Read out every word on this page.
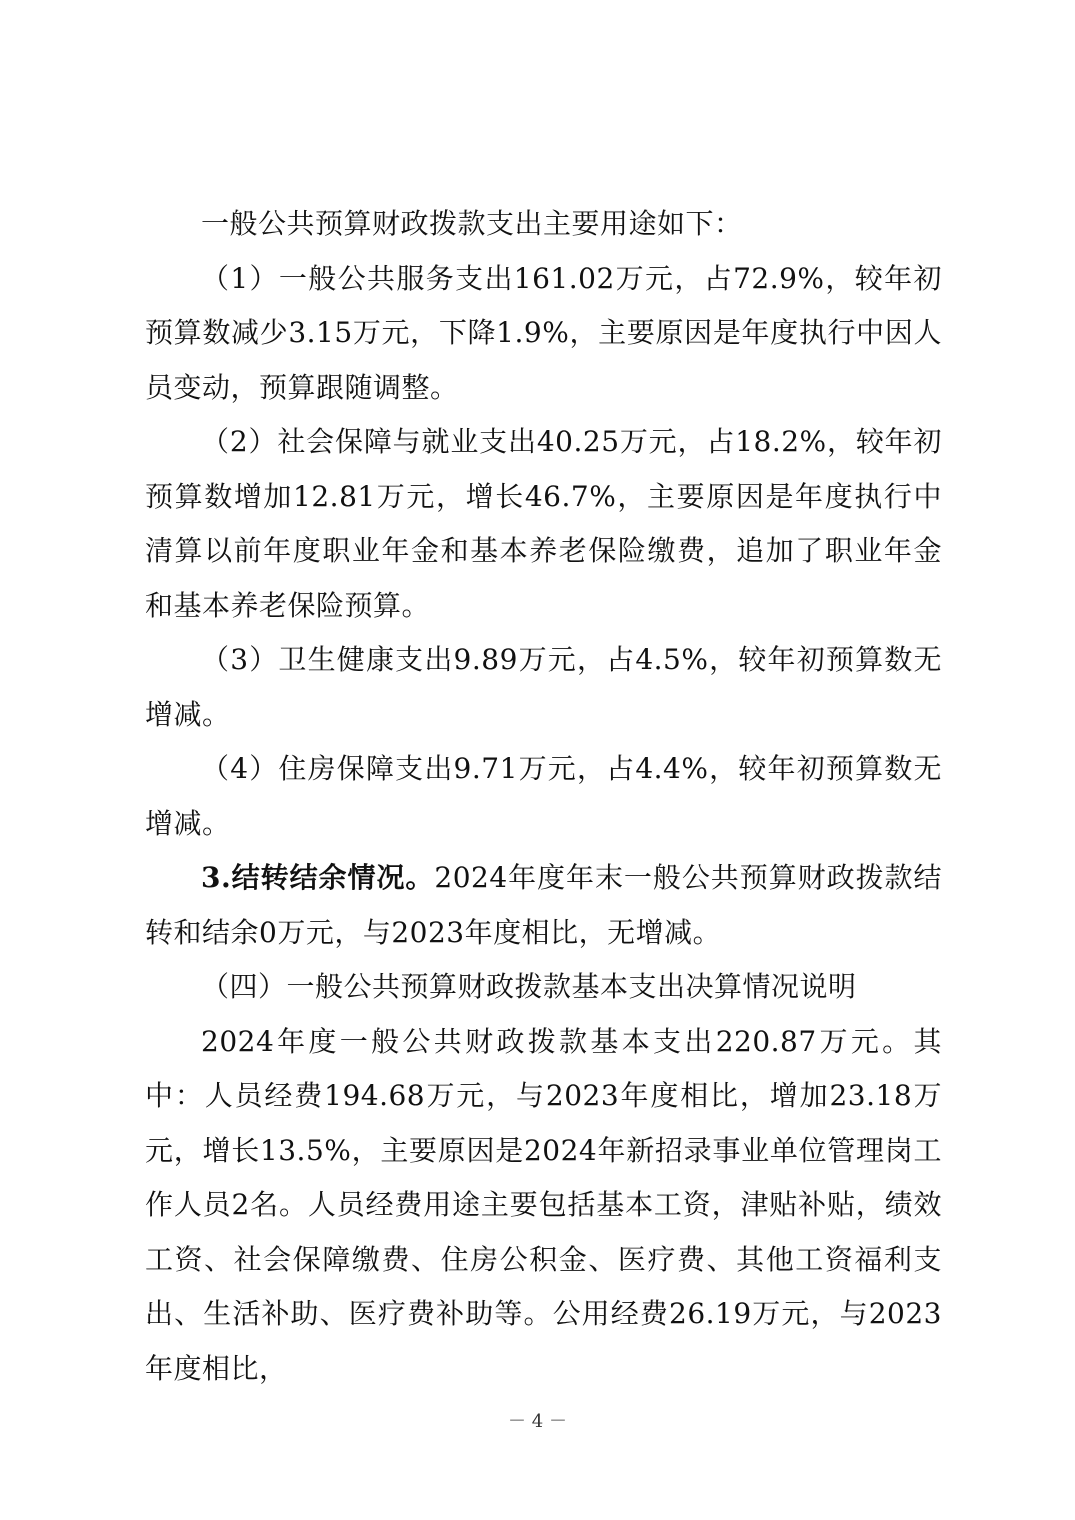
一般公共预算财政拨款支出主要用途如下：

（1）一般公共服务支出161.02万元，占72.9%，较年初预算数减少3.15万元，下降1.9%，主要原因是年度执行中因人员变动，预算跟随调整。

（2）社会保障与就业支出40.25万元，占18.2%，较年初预算数增加12.81万元，增长46.7%，主要原因是年度执行中清算以前年度职业年金和基本养老保险缴费，追加了职业年金和基本养老保险预算。

（3）卫生健康支出9.89万元，占4.5%，较年初预算数无增减。

（4）住房保障支出9.71万元，占4.4%，较年初预算数无增减。

3.结转结余情况。2024年度年末一般公共预算财政拨款结转和结余0万元，与2023年度相比，无增减。

（四）一般公共预算财政拨款基本支出决算情况说明

2024年度一般公共财政拨款基本支出220.87万元。其中：人员经费194.68万元，与2023年度相比，增加23.18万元，增长13.5%，主要原因是2024年新招录事业单位管理岗工作人员2名。人员经费用途主要包括基本工资，津贴补贴，绩效工资、社会保障缴费、住房公积金、医疗费、其他工资福利支出、生活补助、医疗费补助等。公用经费26.19万元，与2023年度相比，

－ 4 －
